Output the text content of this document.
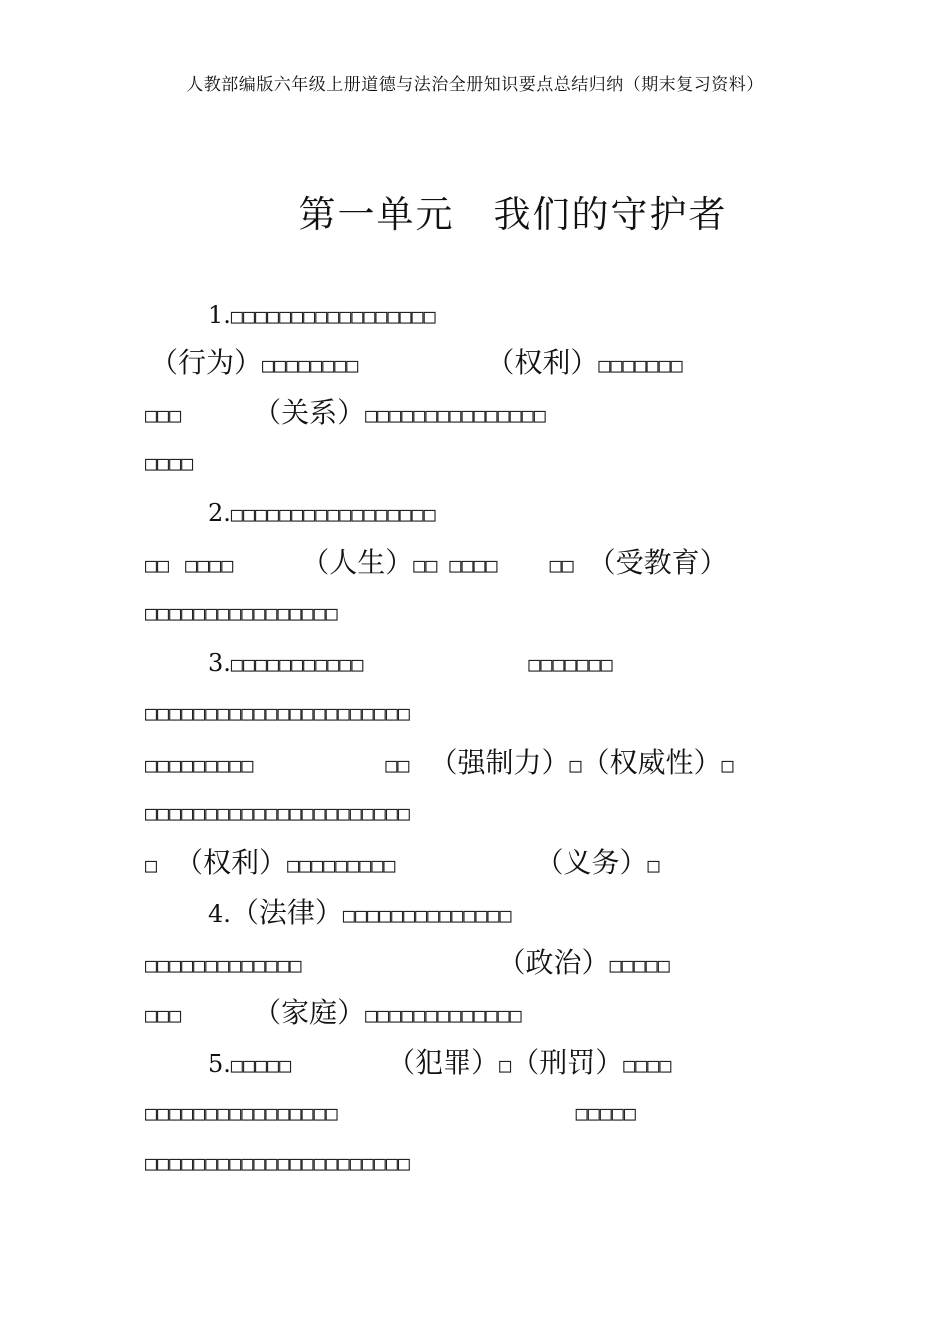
人教部编版六年级上册道德与法治全册知识要点总结归纳（期末复习资料）
第一单元　我们的守护者
1.□□□□□□□□□□□□□□□□□
（行为）□□□□□□□□	（权利）□□□□□□□
□□□	（关系）□□□□□□□□□□□□□□□
□□□□
2.□□□□□□□□□□□□□□□□□
□□ □□□□ （人生）□□ □□□□	□□ （受教育）
□□□□□□□□□□□□□□□□
3.□□□□□□□□□□□	□□□□□□□
□□□□□□□□□□□□□□□□□□□□□□
□□□□□□□□□	□□ （强制力）□（权威性）□
□□□□□□□□□□□□□□□□□□□□□□
□ （权利）□□□□□□□□□	（义务）□
4.（法律）□□□□□□□□□□□□□□
□□□□□□□□□□□□□	（政治）□□□□□
□□□	（家庭）□□□□□□□□□□□□□
5.□□□□□	（犯罪）□（刑罚）□□□□
□□□□□□□□□□□□□□□□	□□□□□
□□□□□□□□□□□□□□□□□□□□□□
